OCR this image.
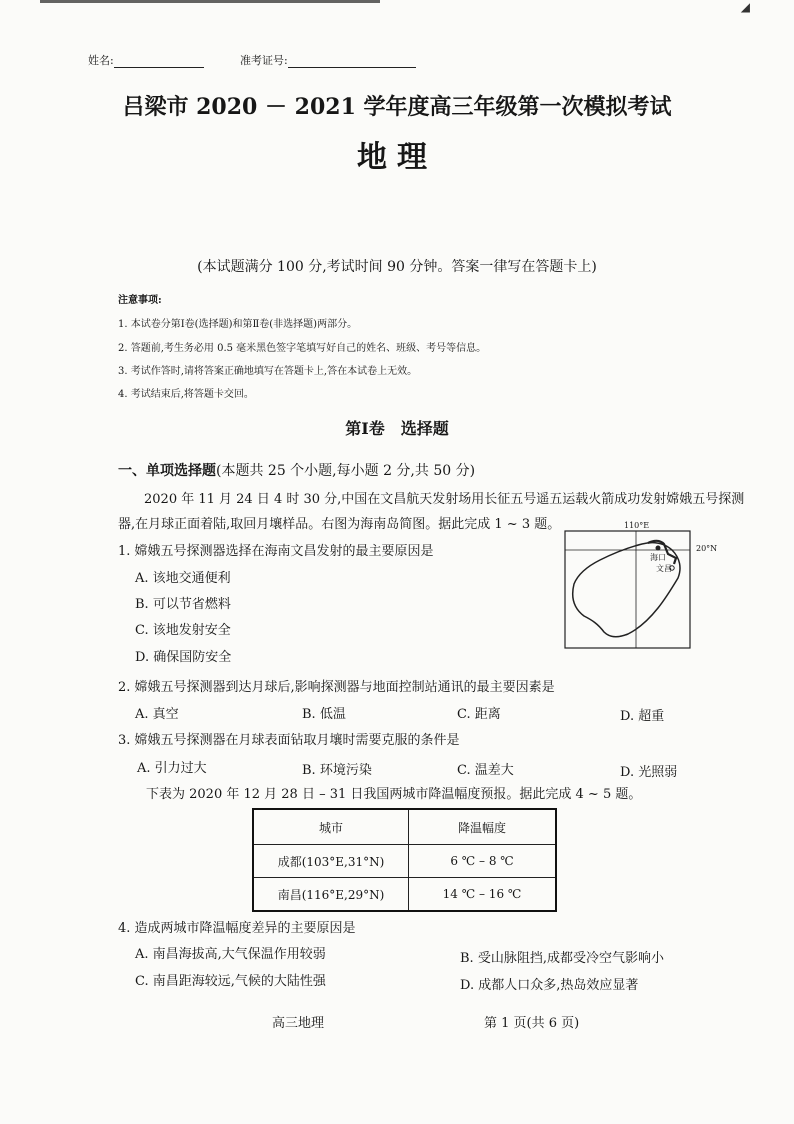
◢
姓名:	准考证号:
吕梁市 2020 － 2021 学年度高三年级第一次模拟考试
地理
(本试题满分 100 分,考试时间 90 分钟。答案一律写在答题卡上)
注意事项:
1. 本试卷分第Ⅰ卷(选择题)和第Ⅱ卷(非选择题)两部分。
2. 答题前,考生务必用 0.5 毫米黑色签字笔填写好自己的姓名、班级、考号等信息。
3. 考试作答时,请将答案正确地填写在答题卡上,答在本试卷上无效。
4. 考试结束后,将答题卡交回。
第Ⅰ卷　选择题
一、单项选择题(本题共 25 个小题,每小题 2 分,共 50 分)
2020 年 11 月 24 日 4 时 30 分,中国在文昌航天发射场用长征五号遥五运载火箭成功发射嫦娥五号探测
器,在月球正面着陆,取回月壤样品。右图为海南岛简图。据此完成 1 ~ 3 题。	110°E
20°N
海口
文昌
1. 嫦娥五号探测器选择在海南文昌发射的最主要原因是
A. 该地交通便利
B. 可以节省燃料
C. 该地发射安全
D. 确保国防安全
2. 嫦娥五号探测器到达月球后,影响探测器与地面控制站通讯的最主要因素是
A. 真空	B. 低温	C. 距离	D. 超重
3. 嫦娥五号探测器在月球表面钻取月壤时需要克服的条件是
A. 引力过大	B. 环境污染	C. 温差大	D. 光照弱
下表为 2020 年 12 月 28 日 – 31 日我国两城市降温幅度预报。据此完成 4 ~ 5 题。
城市	降温幅度
成都(103°E,31°N)	6 ℃ – 8 ℃
南昌(116°E,29°N)	14 ℃ – 16 ℃
4. 造成两城市降温幅度差异的主要原因是
A. 南昌海拔高,大气保温作用较弱	B. 受山脉阻挡,成都受冷空气影响小
C. 南昌距海较远,气候的大陆性强	D. 成都人口众多,热岛效应显著
高三地理	第 1 页(共 6 页)
